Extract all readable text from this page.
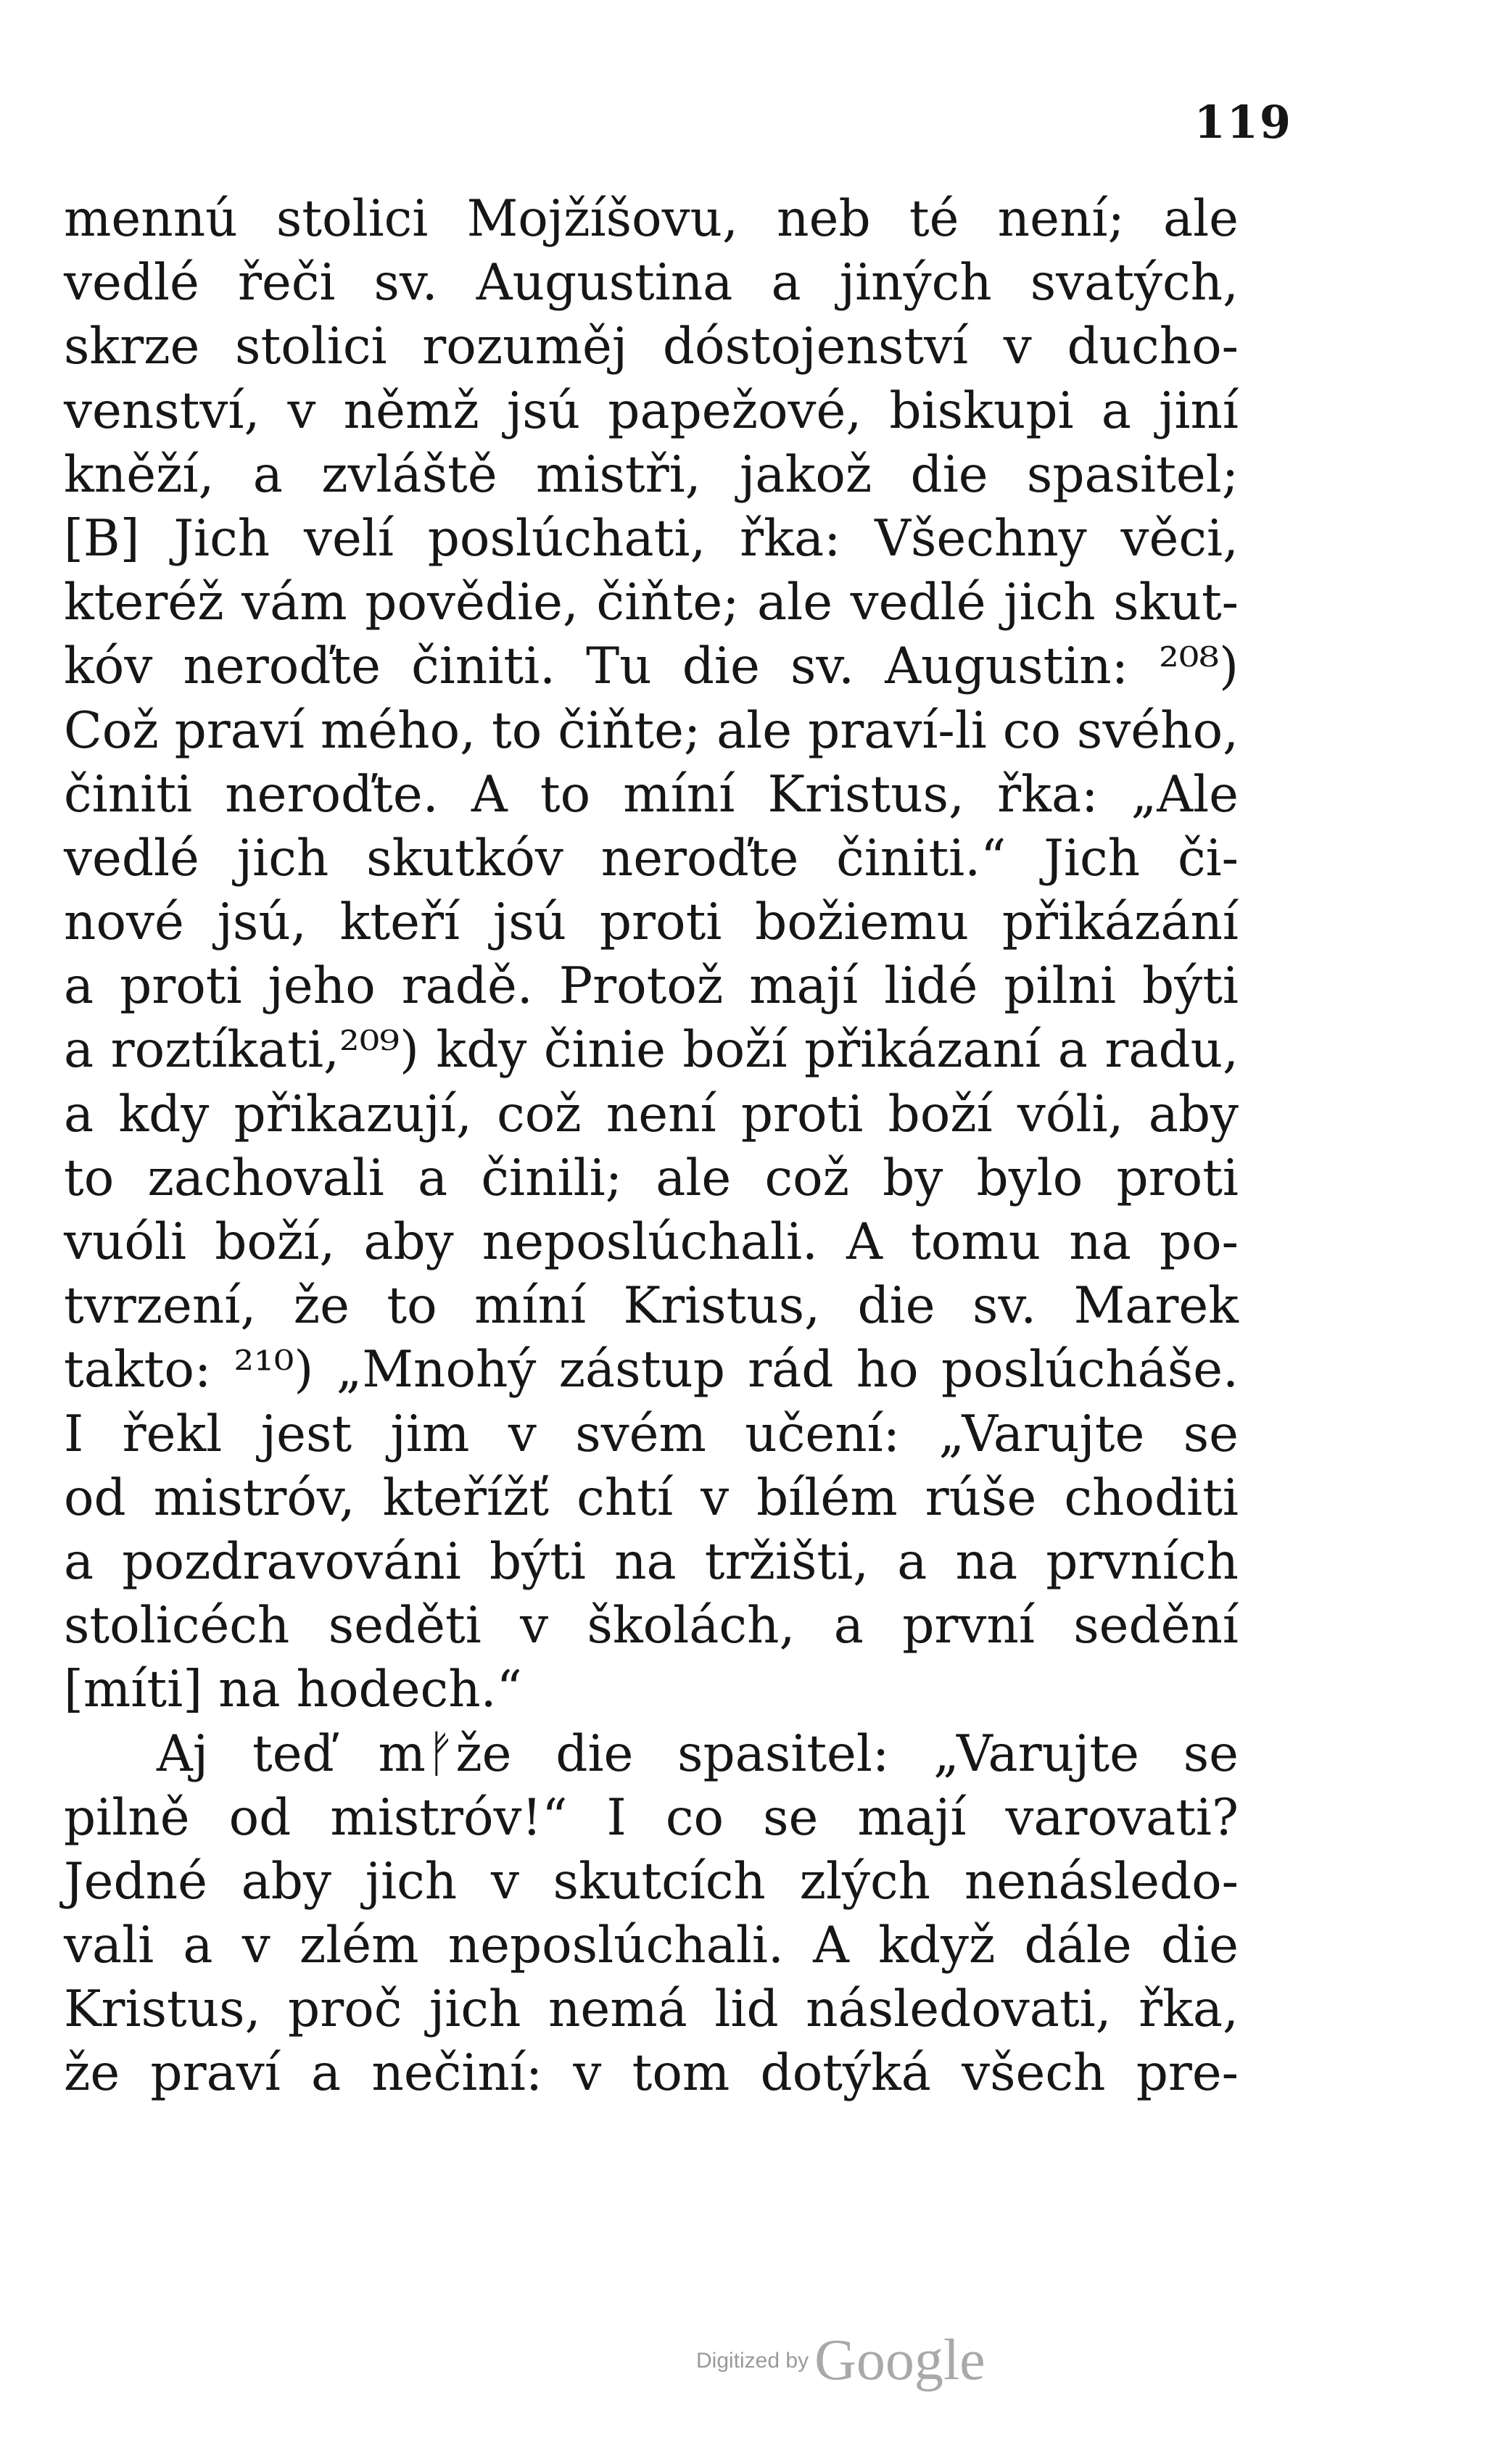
119
mennú stolici Mojžíšovu, neb té není; ale
vedlé řeči sv. Augustina a jiných svatých,
skrze stolici rozuměj dóstojenství v ducho-
venství, v němž jsú papežové, biskupi a jiní
kněží, a zvláště mistři, jakož die spasitel;
[B] Jich velí poslúchati, řka: Všechny věci,
kteréž vám povědie, čiňte; ale vedlé jich skut-
kóv neroďte činiti. Tu die sv. Augustin: ²⁰⁸)
Což praví mého, to čiňte; ale praví-li co svého,
činiti neroďte. A to míní Kristus, řka: „Ale
vedlé jich skutkóv neroďte činiti.“ Jich či-
nové jsú, kteří jsú proti božiemu přikázání
a proti jeho radě. Protož mají lidé pilni býti
a roztíkati,²⁰⁹) kdy činie boží přikázaní a radu,
a kdy přikazují, což není proti boží vóli, aby
to zachovali a činili; ale což by bylo proti
vuóli boží, aby neposlúchali. A tomu na po-
tvrzení, že to míní Kristus, die sv. Marek
takto: ²¹⁰) „Mnohý zástup rád ho poslúcháše.
I řekl jest jim v svém učení: „Varujte se
od mistróv, kteřížť chtí v bílém rúše choditi
a pozdravováni býti na tržišti, a na prvních
stolicéch seděti v školách, a první sedění
[míti] na hodech.“
Aj teď mᚠže die spasitel: „Varujte se
pilně od mistróv!“ I co se mají varovati?
Jedné aby jich v skutcích zlých nenásledo-
vali a v zlém neposlúchali. A když dále die
Kristus, proč jich nemá lid následovati, řka,
že praví a nečiní: v tom dotýká všech pre-
Digitized by Google
